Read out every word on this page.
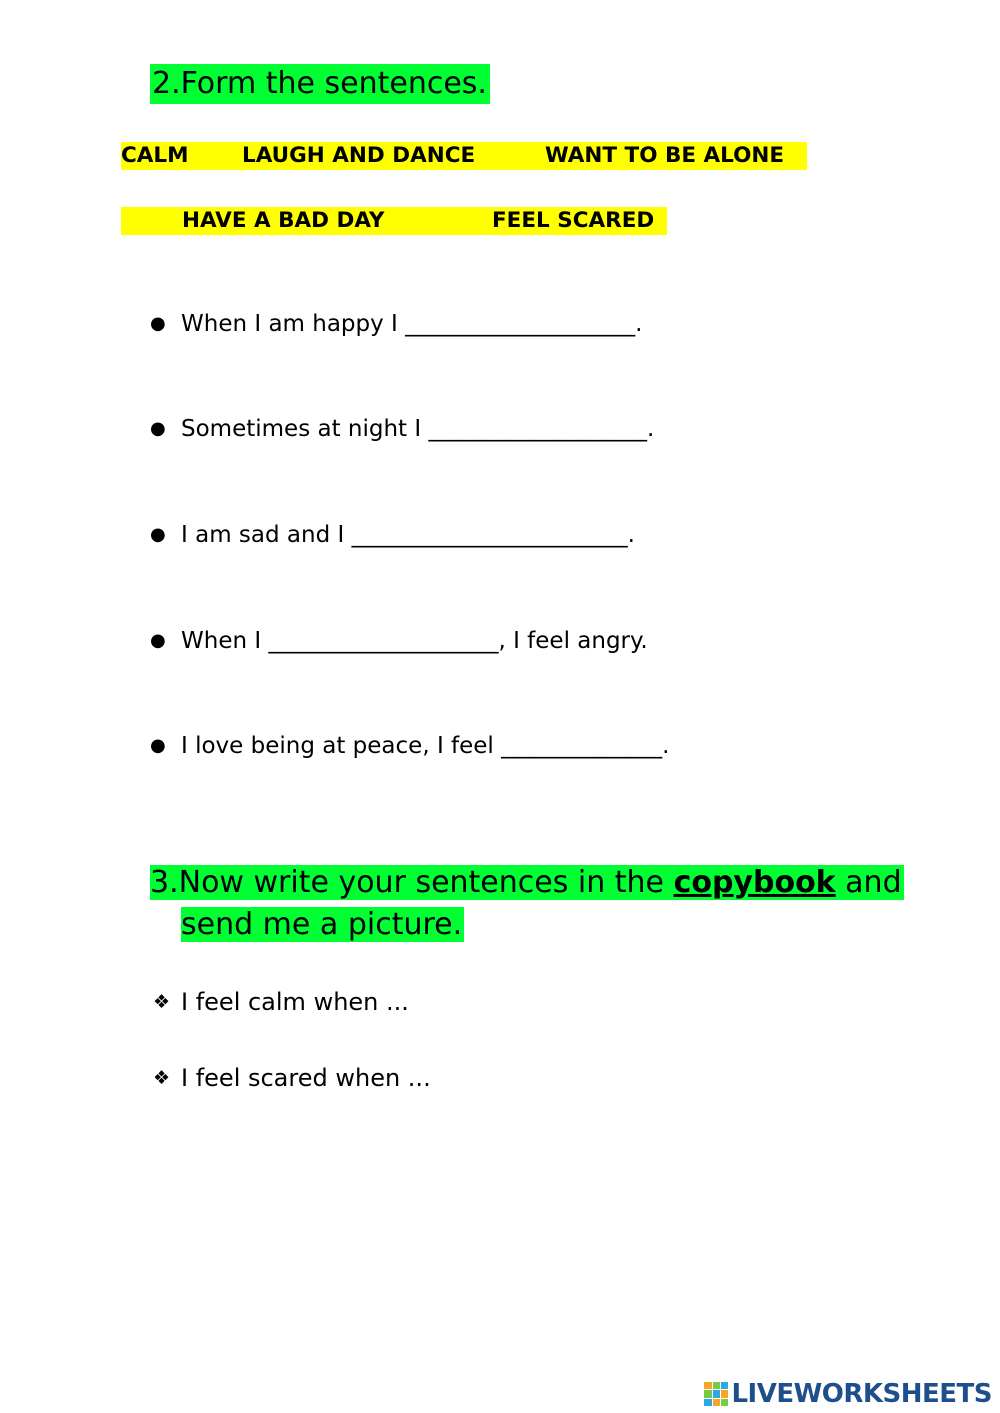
2.Form the sentences.
CALM LAUGH AND DANCE	WANT TO BE ALONE
HAVE A BAD DAY	FEEL SCARED
● When I am happy I ____________________.
● Sometimes at night I ___________________.
● I am sad and I ________________________.
● When I ____________________, I feel angry.
● I love being at peace, I feel ______________.
3.Now write your sentences in the copybook and
send me a picture.
❖ I feel calm when ...
❖ I feel scared when ...
LIVEWORKSHEETS
